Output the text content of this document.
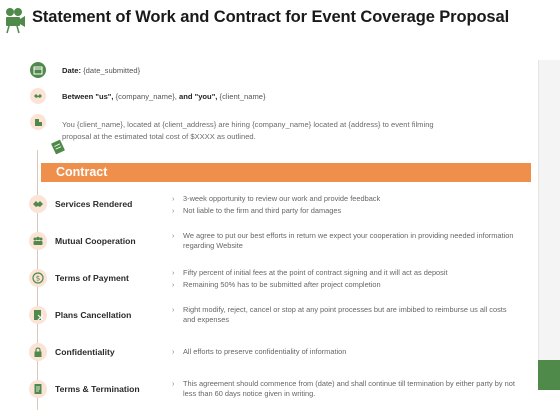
Statement of Work and Contract for Event Coverage Proposal
Date: {date_submitted}
Between "us", {company_name}, and "you", {client_name}
You {client_name}, located at {client_address} are hiring {company_name} located at {address} to event filming proposal at the estimated total cost of $XXXX as outlined.
Contract
Services Rendered
› 3-week opportunity to review our work and provide feedback
› Not liable to the firm and third party for damages
Mutual Cooperation
› We agree to put our best efforts in return we expect your cooperation in providing needed information regarding Website
$ Terms of Payment
› Fifty percent of initial fees at the point of contract signing and it will act as deposit
› Remaining 50% has to be submitted after project completion
Plans Cancellation
› Right modify, reject, cancel or stop at any point processes but are imbibed to reimburse us all costs and expenses
Confidentiality
›	All efforts to preserve confidentiality of information
Terms & Termination
› This agreement should commence from (date) and shall continue till termination by either party by not less than 60 days notice given in writing.
